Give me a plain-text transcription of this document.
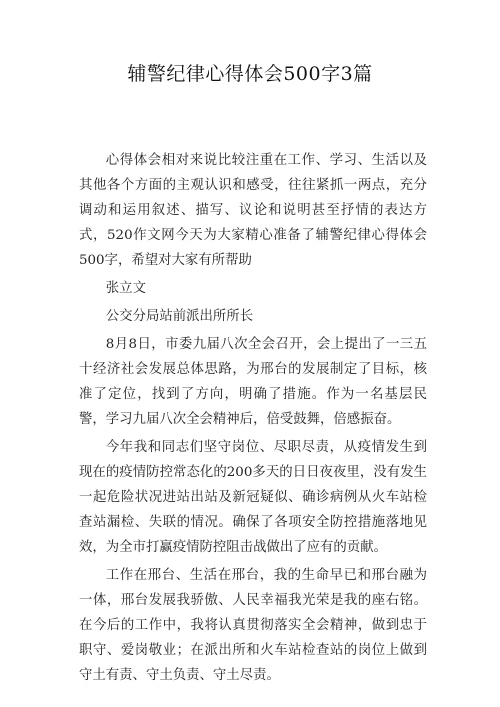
辅警纪律心得体会500字3篇

心得体会相对来说比较注重在工作、学习、生活以及其他各个方面的主观认识和感受，往往紧抓一两点，充分调动和运用叙述、描写、议论和说明甚至抒情的表达方式，520作文网今天为大家精心准备了辅警纪律心得体会500字，希望对大家有所帮助

张立文

公交分局站前派出所所长

8月8日，市委九届八次全会召开，会上提出了一三五十经济社会发展总体思路，为邢台的发展制定了目标，核准了定位，找到了方向，明确了措施。作为一名基层民警，学习九届八次全会精神后，倍受鼓舞，倍感振奋。

今年我和同志们坚守岗位、尽职尽责，从疫情发生到现在的疫情防控常态化的200多天的日日夜夜里，没有发生一起危险状况进站出站及新冠疑似、确诊病例从火车站检查站漏检、失联的情况。确保了各项安全防控措施落地见效，为全市打赢疫情防控阻击战做出了应有的贡献。

工作在邢台、生活在邢台，我的生命早已和邢台融为一体，邢台发展我骄傲、人民幸福我光荣是我的座右铭。在今后的工作中，我将认真贯彻落实全会精神，做到忠于职守、爱岗敬业；在派出所和火车站检查站的岗位上做到守土有责、守土负责、守土尽责。
